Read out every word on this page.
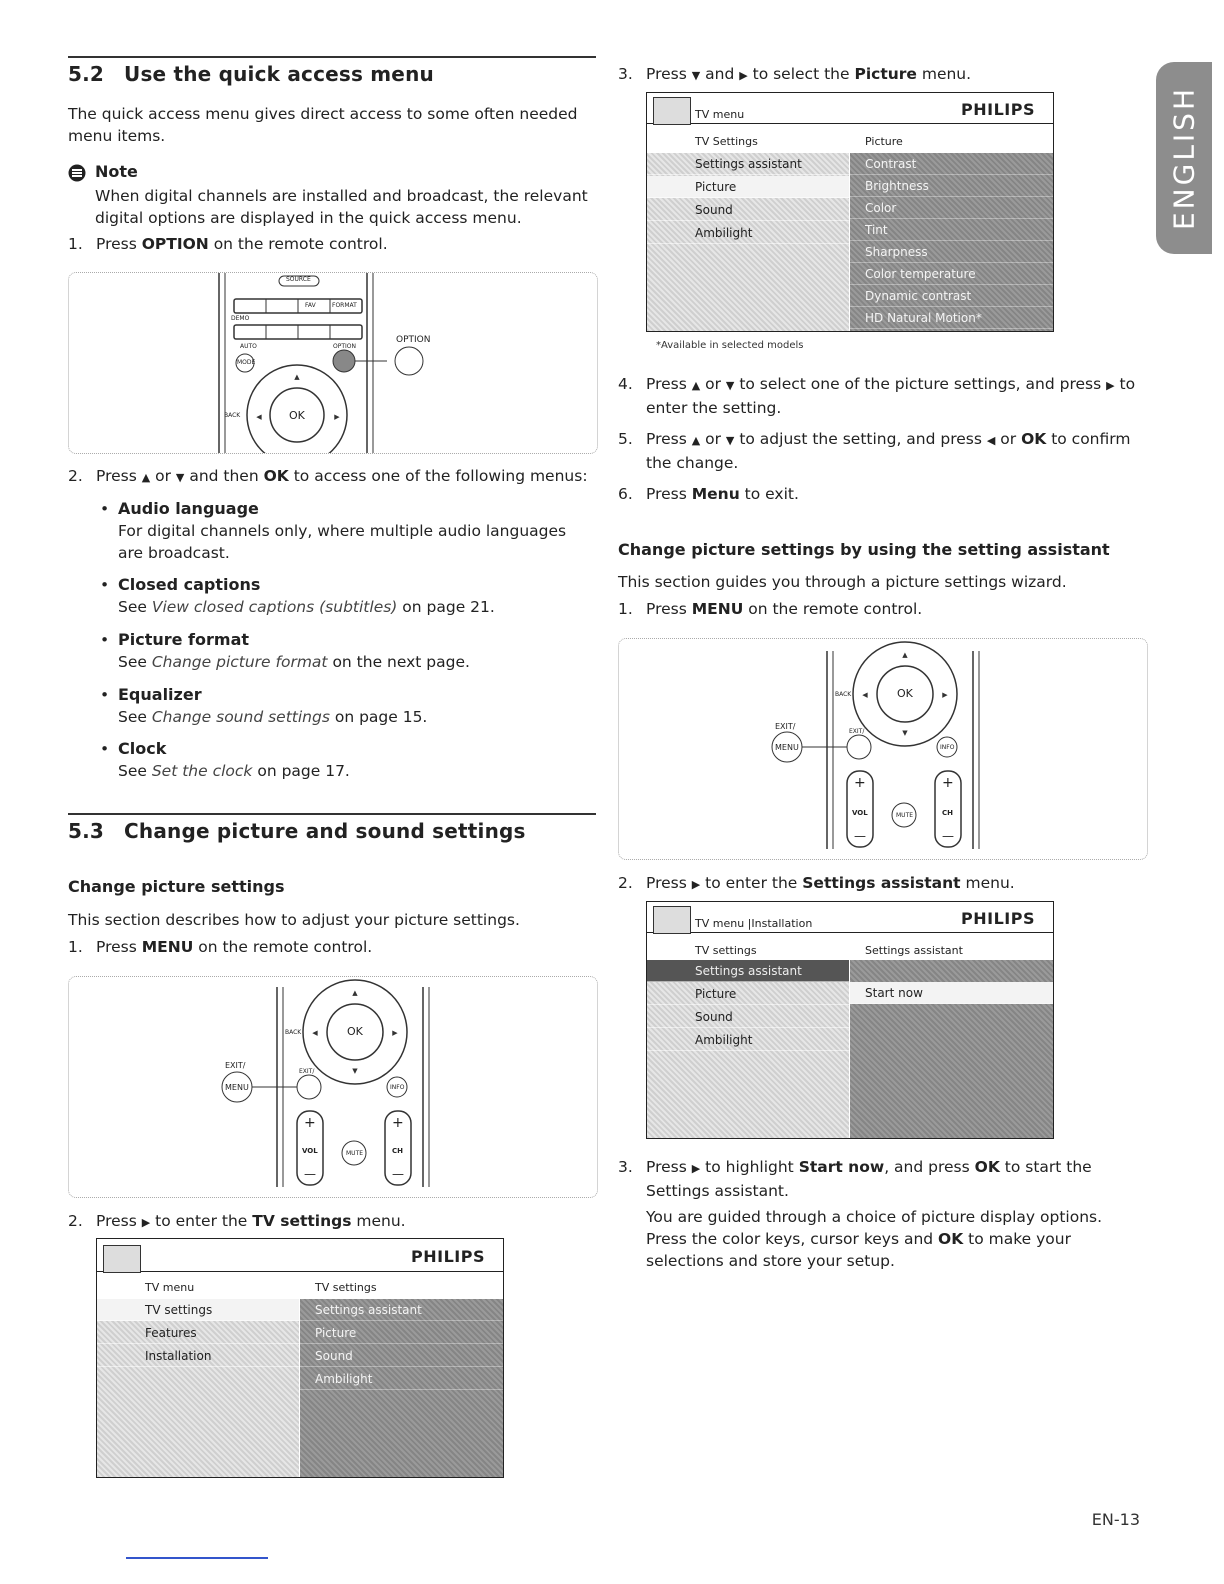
ENGLISH
5.2 Use the quick access menu
The quick access menu gives direct access to some often needed menu items.
Note
When digital channels are installed and broadcast, the relevant digital options are displayed in the quick access menu.
1. Press OPTION on the remote control.
▲
◀	▶
SOURCE
FAV	FORMAT
DEMO
AUTO	OPTION
MODE
BACK	OK
OPTION
2. Press ▲ or ▼ and then OK to access one of the following menus:
• Audio language
For digital channels only, where multiple audio languages are broadcast.
• Closed captions
See View closed captions (subtitles) on page 21.
• Picture format
See Change picture format on the next page.
• Equalizer
See Change sound settings on page 15.
• Clock
See Set the clock on page 17.
5.3 Change picture and sound settings
Change picture settings
This section describes how to adjust your picture settings.
1. Press MENU on the remote control.
▲
◀	▶
▼
BACK	OK
EXIT/
EXIT/
MENU	INFO
+	+
VOL	CH
MUTE
—	—
2. Press ▶ to enter the TV settings menu.
PHILIPS
TV menu	TV settings
TV settings
Features
Installation
Settings assistant
Picture
Sound
Ambilight
3. Press ▼ and ▶ to select the Picture menu.
TV menu	PHILIPS
TV Settings	Picture
Settings assistant
Picture
Sound
Ambilight
Contrast
Brightness
Color
Tint
Sharpness
Color temperature
Dynamic contrast
HD Natural Motion*
*Available in selected models
4. Press ▲ or ▼ to select one of the picture settings, and press ▶ to enter the setting.
5. Press ▲ or ▼ to adjust the setting, and press ◀ or OK to confirm the change.
6. Press Menu to exit.
Change picture settings by using the setting assistant
This section guides you through a picture settings wizard.
1. Press MENU on the remote control.
▲
◀	▶
▼
BACK	OK
EXIT/
EXIT/
MENU	INFO
+	+
VOL	CH
MUTE
—	—
2. Press ▶ to enter the Settings assistant menu.
TV menu |Installation	PHILIPS
TV settings	Settings assistant
Settings assistant
Picture
Sound
Ambilight
Start now
3. Press ▶ to highlight Start now, and press OK to start the Settings assistant.
You are guided through a choice of picture display options. Press the color keys, cursor keys and OK to make your selections and store your setup.
EN-13
